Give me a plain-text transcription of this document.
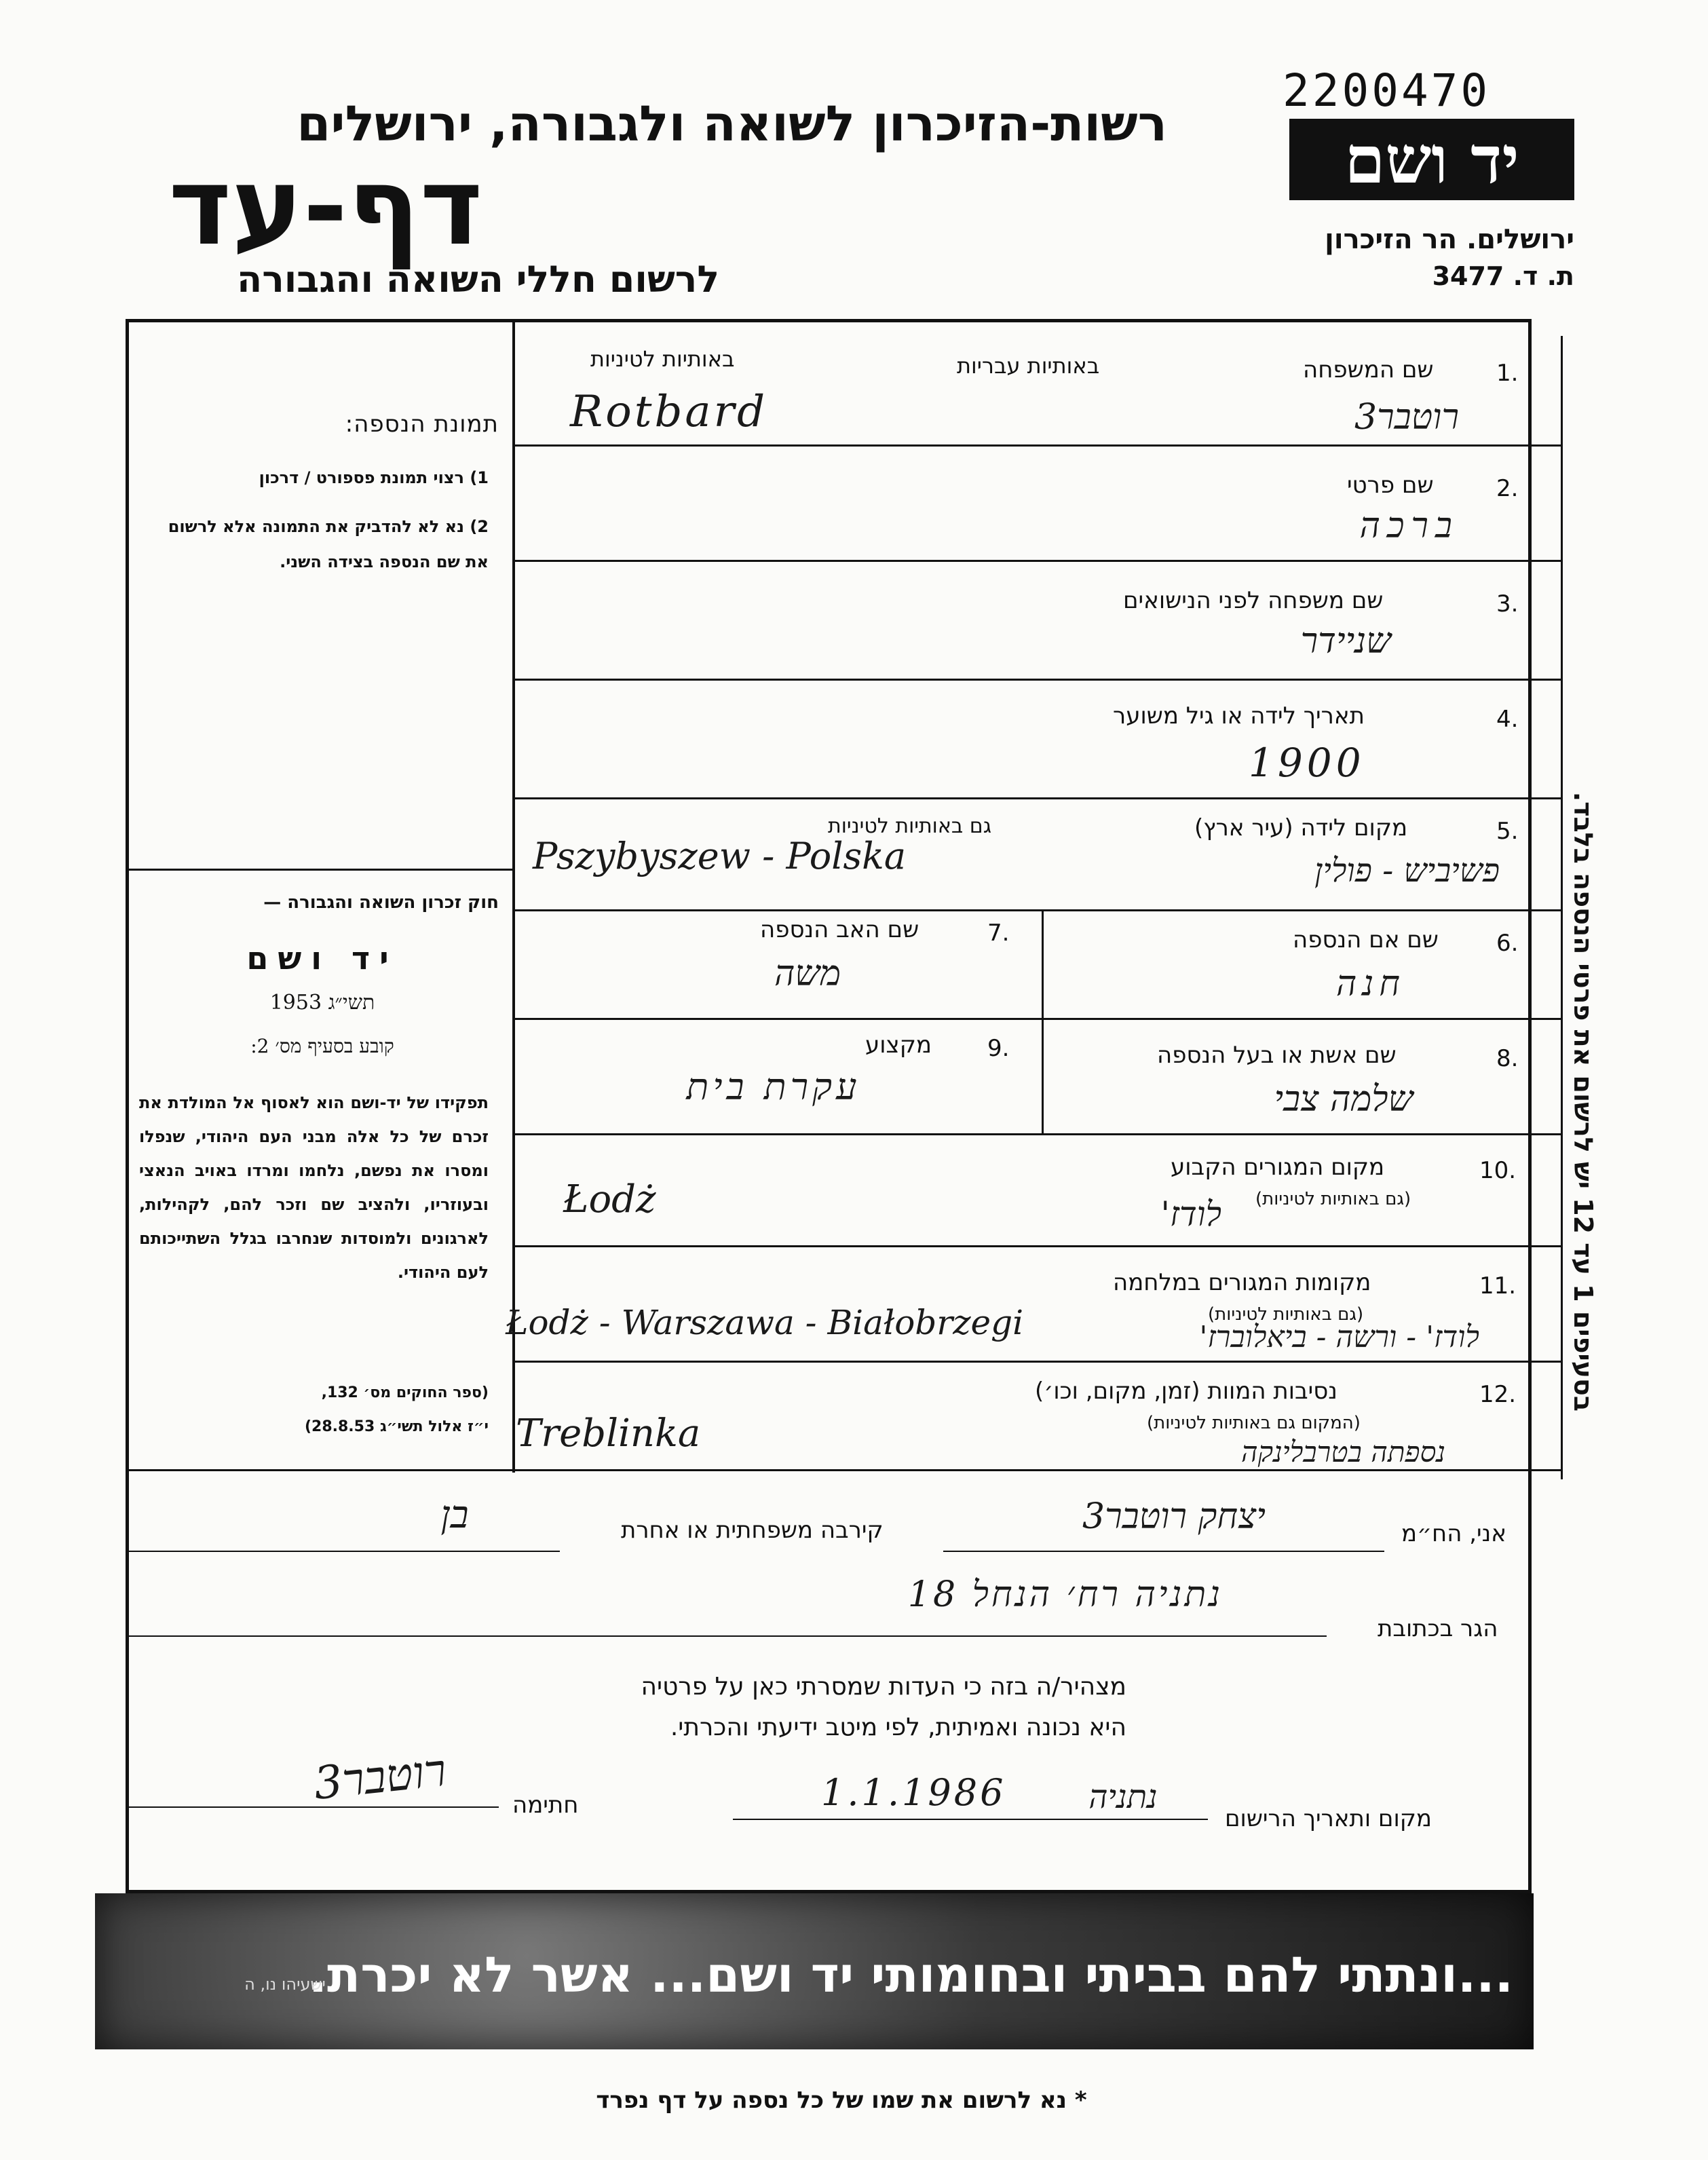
2200470
יד ושם
ירושלים. הר הזיכרון
ת. ד. 3477
רשות-הזיכרון לשואה ולגבורה, ירושלים
דף-עד
לרשום חללי השואה והגבורה
תמונת הנספה:
1) רצוי תמונת פספורט / דרכון
2) נא לא להדביק את התמונה אלא לרשום את שם הנספה בצידה השני.
חוק זכרון השואה והגבורה —
יד ושם
תשי״ג 1953
קובע בסעיף מס׳ 2:
תפקידו של יד-ושם הוא לאסוף אל המולדת את זכרם של כל אלה מבני העם היהודי, שנפלו ומסרו את נפשם, נלחמו ומרדו באויב הנאצי ובעוזריו, ולהציב שם וזכר להם, לקהילות, לארגונים ולמוסדות שנחרבו בגלל השתייכותם לעם היהודי.
(ספר החוקים מס׳ 132,
י״ז אלול תשי״ג 28.8.53)
באותיות עבריות
באותיות לטיניות
1.
שם המשפחה
רוטבר3
Rotbard
2.
שם פרטי
ברכה
3.
שם משפחה לפני הנישואים
שניידר
4.
תאריך לידה או גיל משוער
1900
5.
מקום לידה (עיר ארץ)
גם באותיות לטיניות
פשיביש - פולין
Pszybyszew - Polska
6.
שם אם הנספה
חנה
7.
שם האב הנספה
משה
8.
שם אשת או בעל הנספה
שלמה צבי
9.
מקצוע
עקרת בית
10.
מקום המגורים הקבוע
(גם באותיות לטיניות)
לודז'
Łodż
11.
מקומות המגורים במלחמה
(גם באותיות לטיניות)
לודז' - ורשה - ביאלוברז'
Łodż - Warszawa - Białobrzegi
12.
נסיבות המוות (זמן, מקום, וכו׳)
(המקום גם באותיות לטיניות)
נספתה בטרבלינקה
Treblinka
בסעיפים 1 עד 12 יש לרשום את פרטי הנספה בלבד.
אני, הח״מ
יצחק רוטבר3
קירבה משפחתית או אחרת
בן
הגר בכתובת
נתניה רח׳ הנחל 18
מצהיר/ה בזה כי העדות שמסרתי כאן על פרטיה
היא נכונה ואמיתית, לפי מיטב ידיעתי והכרתי.
מקום ותאריך הרישום
1.1.1986	נתניה
חתימה
רוטבר3
...ונתתי להם בביתי ובחומותי יד ושם... אשר לא יכרת.
ישעיהו נו, ה
* נא לרשום את שמו של כל נספה על דף נפרד
